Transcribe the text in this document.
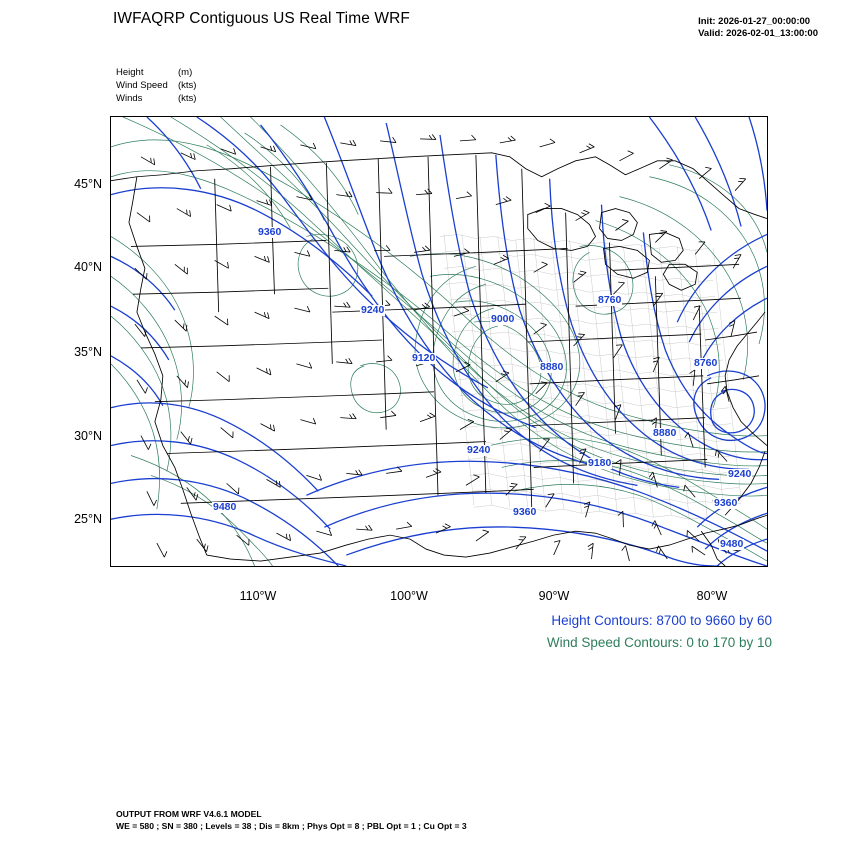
IWFAQRP Contiguous US Real Time WRF	Init: 2026-01-27_00:00:00
Valid: 2026-02-01_13:00:00
Height	(m)
Wind Speed (kts)
Winds	(kts)
45°N
40°N
35°N
30°N
25°N
110°W	100°W	90°W	80°W
9360
9240
9000
9120
8880
8760
8760
8880
9240
9180
9240
9480	9360
9360
9480
Height Contours: 8700 to 9660 by 60
Wind Speed Contours: 0 to 170 by 10
OUTPUT FROM WRF V4.6.1 MODEL
WE = 580 ; SN = 380 ; Levels = 38 ; Dis = 8km ; Phys Opt = 8 ; PBL Opt = 1 ; Cu Opt = 3
